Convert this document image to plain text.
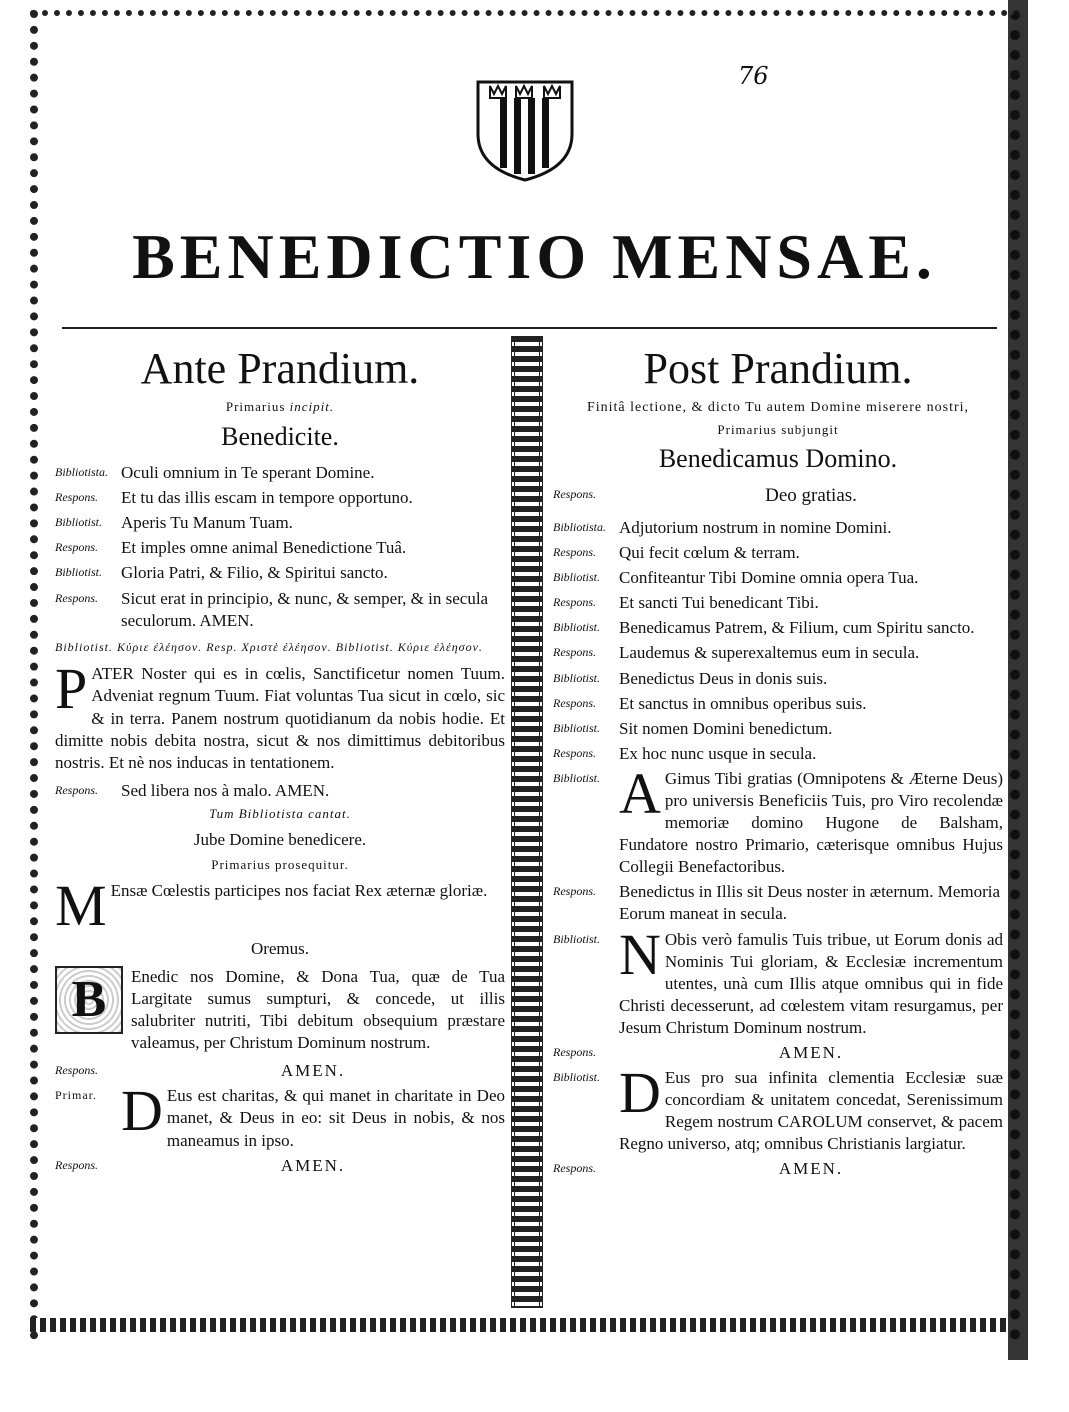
76
BENEDICTIO MENSAE.
Ante Prandium.
Primarius incipit.
Benedicite.
Bibliotista. Oculi omnium in Te sperant Domine.
Respons.	Et tu das illis escam in tempore opportuno.
Bibliotist.	Aperis Tu Manum Tuam.
Respons.	Et imples omne animal Benedictione Tuâ.
Bibliotist.	Gloria Patri, & Filio, & Spiritui sancto.
Respons.	Sicut erat in principio, & nunc, & semper, & in secula seculorum. AMEN.
Bibliotist. Κύριε ἐλέησον. Resp. Χριστὲ ἐλέησον. Bibliotist. Κύριε ἐλέησον.
P ATER Noster qui es in cœlis, Sanctificetur nomen Tuum. Adveniat regnum Tuum. Fiat voluntas Tua sicut in cœlo, sic & in terra. Panem nostrum quotidianum da nobis hodie. Et dimitte nobis debita nostra, sicut & nos dimittimus debitoribus nostris. Et nè nos inducas in tentationem.
Respons.	Sed libera nos à malo. AMEN.
Tum Bibliotista cantat.
Jube Domine benedicere.
Primarius prosequitur.
M Ensæ Cœlestis participes nos faciat Rex æternæ gloriæ.
Oremus.
B	Enedic nos Domine, & Dona Tua, quæ de Tua Largitate sumus sumpturi, & concede, ut illis salubriter nutriti, Tibi debitum obsequium præstare valeamus, per Christum Dominum nostrum.
Respons.	AMEN.
Primar. D Eus est charitas, & qui manet in charitate in Deo manet, & Deus in eo: sit Deus in nobis, & nos maneamus in ipso.
Respons.	AMEN.
Post Prandium.
Finitâ lectione, & dicto Tu autem Domine miserere nostri,
Primarius subjungit
Benedicamus Domino.
Respons.	Deo gratias.
Bibliotista. Adjutorium nostrum in nomine Domini.
Respons.	Qui fecit cœlum & terram.
Bibliotist.	Confiteantur Tibi Domine omnia opera Tua.
Respons.	Et sancti Tui benedicant Tibi.
Bibliotist.	Benedicamus Patrem, & Filium, cum Spiritu sancto.
Respons.	Laudemus & superexaltemus eum in secula.
Bibliotist.	Benedictus Deus in donis suis.
Respons.	Et sanctus in omnibus operibus suis.
Bibliotist.	Sit nomen Domini benedictum.
Respons.	Ex hoc nunc usque in secula.
Bibliotist. A Gimus Tibi gratias (Omnipotens & Æterne Deus) pro universis Beneficiis Tuis, pro Viro recolendæ memoriæ domino Hugone de Balsham, Fundatore nostro Primario, cæterisque omnibus Hujus Collegii Benefactoribus.
Respons.	Benedictus in Illis sit Deus noster in æternum. Memoria Eorum maneat in secula.
Bibliotist. N Obis verò famulis Tuis tribue, ut Eorum donis ad Nominis Tui gloriam, & Ecclesiæ incrementum utentes, unà cum Illis atque omnibus qui in fide Christi decesserunt, ad cœlestem vitam resurgamus, per Jesum Christum Dominum nostrum.
Respons.	AMEN.
Bibliotist. D Eus pro sua infinita clementia Ecclesiæ suæ concordiam & unitatem concedat, Serenissimum Regem nostrum CAROLUM conservet, & pacem Regno universo, atq; omnibus Christianis largiatur.
Respons.	AMEN.
